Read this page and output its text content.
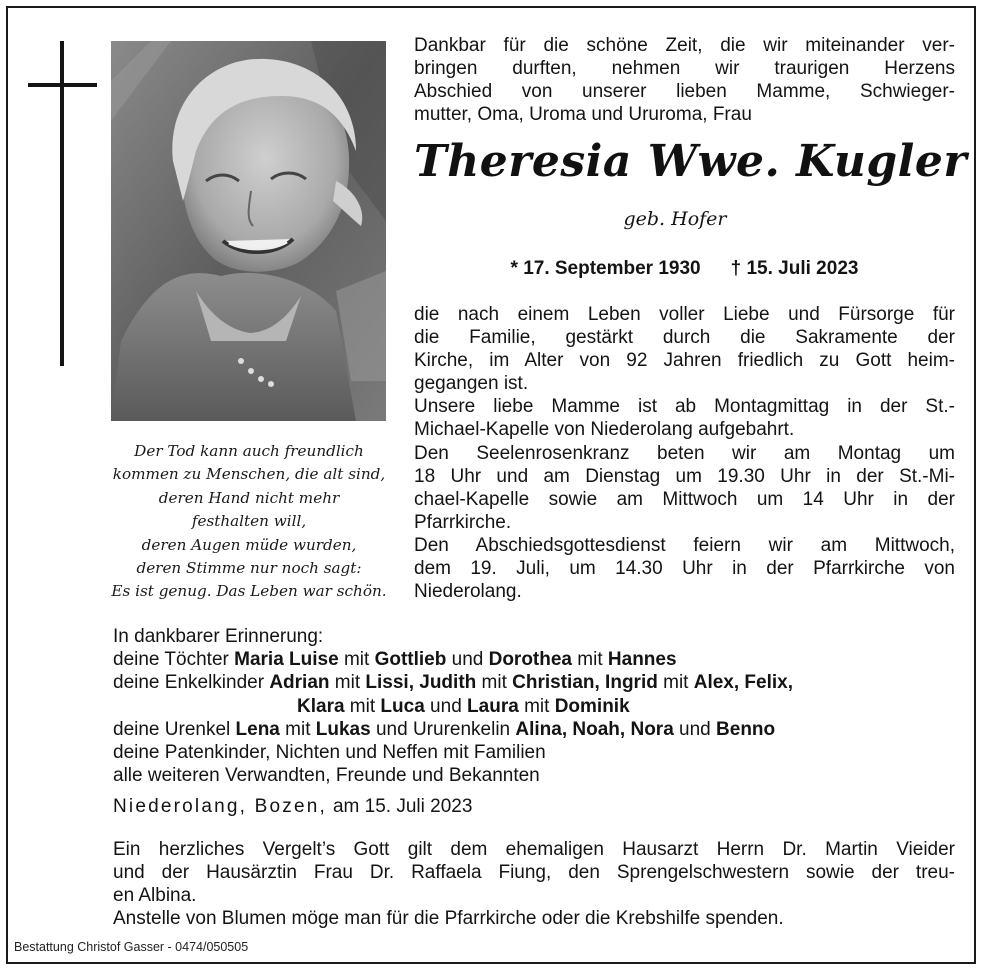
Der Tod kann auch freundlich
kommen zu Menschen, die alt sind,
deren Hand nicht mehr
festhalten will,
deren Augen müde wurden,
deren Stimme nur noch sagt:
Es ist genug. Das Leben war schön.
Dankbar für die schöne Zeit, die wir miteinander ver-
bringen durften, nehmen wir traurigen Herzens
Abschied von unserer lieben Mamme, Schwieger-
mutter, Oma, Uroma und Ururoma, Frau
Theresia Wwe. Kugler
geb. Hofer
* 17. September 1930 † 15. Juli 2023
die nach einem Leben voller Liebe und Fürsorge für
die Familie, gestärkt durch die Sakramente der
Kirche, im Alter von 92 Jahren friedlich zu Gott heim-
gegangen ist.
Unsere liebe Mamme ist ab Montagmittag in der St.-
Michael-Kapelle von Niederolang aufgebahrt.
Den Seelenrosenkranz beten wir am Montag um
18 Uhr und am Dienstag um 19.30 Uhr in der St.-Mi-
chael-Kapelle sowie am Mittwoch um 14 Uhr in der
Pfarrkirche.
Den Abschiedsgottesdienst feiern wir am Mittwoch,
dem 19. Juli, um 14.30 Uhr in der Pfarrkirche von
Niederolang.
In dankbarer Erinnerung:
deine Töchter Maria Luise mit Gottlieb und Dorothea mit Hannes
deine Enkelkinder Adrian mit Lissi, Judith mit Christian, Ingrid mit Alex, Felix,
Klara mit Luca und Laura mit Dominik
deine Urenkel Lena mit Lukas und Ururenkelin Alina, Noah, Nora und Benno
deine Patenkinder, Nichten und Neffen mit Familien
alle weiteren Verwandten, Freunde und Bekannten
Niederolang, Bozen, am 15. Juli 2023
Ein herzliches Vergelt’s Gott gilt dem ehemaligen Hausarzt Herrn Dr. Martin Vieider
und der Hausärztin Frau Dr. Raffaela Fiung, den Sprengelschwestern sowie der treu-
en Albina.
Anstelle von Blumen möge man für die Pfarrkirche oder die Krebshilfe spenden.
Bestattung Christof Gasser - 0474/050505
